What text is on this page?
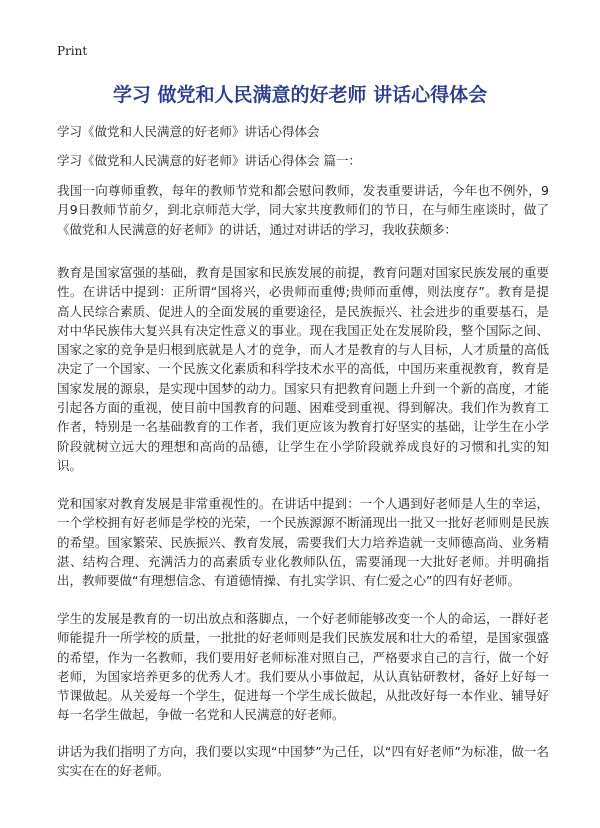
Print
学习 做党和人民满意的好老师 讲话心得体会
学习《做党和人民满意的好老师》讲话心得体会
学习《做党和人民满意的好老师》讲话心得体会 篇一：

我国一向尊师重教，每年的教师节党和都会慰问教师，发表重要讲话，今年也不例外，9月9日教师节前夕，到北京师范大学，同大家共度教师们的节日，在与师生座谈时，做了《做党和人民满意的好老师》的讲话，通过对讲话的学习，我收获颇多：

教育是国家富强的基础，教育是国家和民族发展的前提，教育问题对国家民族发展的重要性。在讲话中提到：正所谓“国将兴，必贵师而重傅;贵师而重傅，则法度存”。教育是提高人民综合素质、促进人的全面发展的重要途径，是民族振兴、社会进步的重要基石，是对中华民族伟大复兴具有决定性意义的事业。现在我国正处在发展阶段，整个国际之间、国家之家的竞争是归根到底就是人才的竞争，而人才是教育的与人目标，人才质量的高低决定了一个国家、一个民族文化素质和科学技术水平的高低，中国历来重视教育，教育是国家发展的源泉，是实现中国梦的动力。国家只有把教育问题上升到一个新的高度，才能引起各方面的重视，使目前中国教育的问题、困难受到重视、得到解决。我们作为教育工作者，特别是一名基础教育的工作者，我们更应该为教育打好坚实的基础，让学生在小学阶段就树立远大的理想和高尚的品德，让学生在小学阶段就养成良好的习惯和扎实的知识。

党和国家对教育发展是非常重视性的。在讲话中提到：一个人遇到好老师是人生的幸运，一个学校拥有好老师是学校的光荣，一个民族源源不断涌现出一批又一批好老师则是民族的希望。国家繁荣、民族振兴、教育发展，需要我们大力培养造就一支师德高尚、业务精湛、结构合理、充满活力的高素质专业化教师队伍，需要涌现一大批好老师。并明确指出，教师要做“有理想信念、有道德情操、有扎实学识、有仁爱之心”的四有好老师。

学生的发展是教育的一切出放点和落脚点，一个好老师能够改变一个人的命运，一群好老师能提升一所学校的质量，一批批的好老师则是我们民族发展和壮大的希望，是国家强盛的希望，作为一名教师，我们要用好老师标准对照自己，严格要求自己的言行，做一个好老师，为国家培养更多的优秀人才。我们要从小事做起，从认真钻研教材，备好上好每一节课做起。从关爱每一个学生，促进每一个学生成长做起，从批改好每一本作业、辅导好每一名学生做起，争做一名党和人民满意的好老师。

讲话为我们指明了方向，我们要以实现“中国梦”为己任，以“四有好老师”为标准，做一名实实在在的好老师。
